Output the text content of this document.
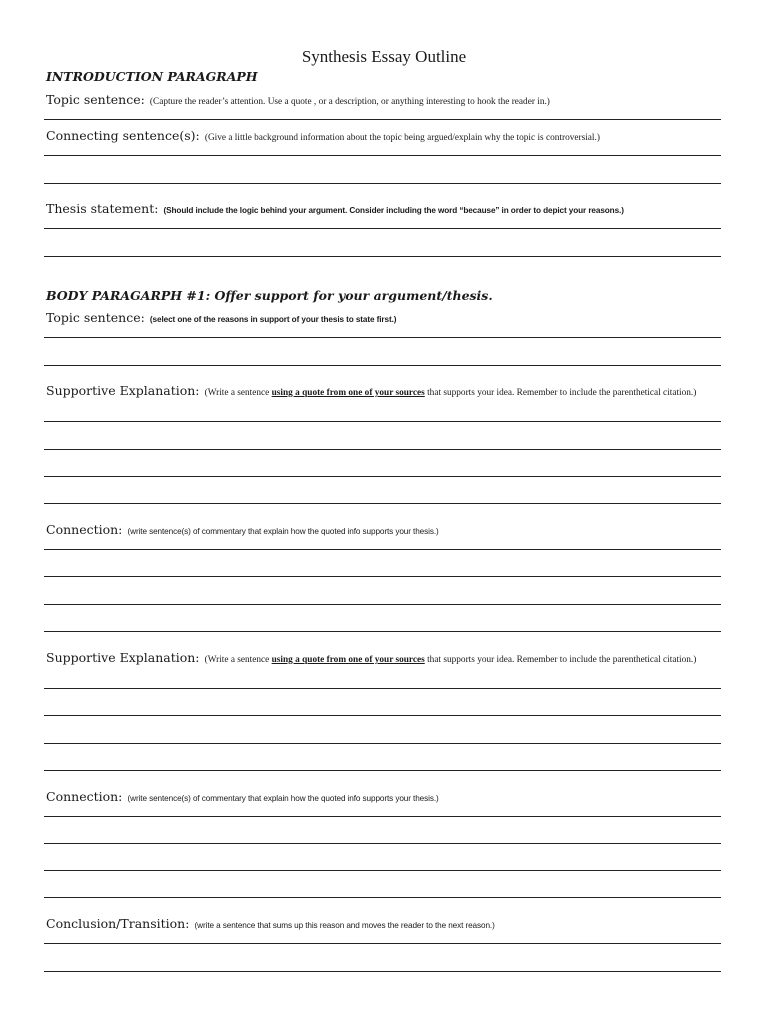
Synthesis Essay Outline
INTRODUCTION PARAGRAPH
Topic sentence: (Capture the reader’s attention. Use a quote , or a description, or anything interesting to hook the reader in.)
Connecting sentence(s): (Give a little background information about the topic being argued/explain why the topic is controversial.)
Thesis statement: (Should include the logic behind your argument. Consider including the word “because” in order to depict your reasons.)
BODY PARAGARPH #1: Offer support for your argument/thesis.
Topic sentence: (select one of the reasons in support of your thesis to state first.)
Supportive Explanation: (Write a sentence using a quote from one of your sources that supports your idea. Remember to include the parenthetical citation.)
Connection: (write sentence(s) of commentary that explain how the quoted info supports your thesis.)
Supportive Explanation: (Write a sentence using a quote from one of your sources that supports your idea. Remember to include the parenthetical citation.)
Connection: (write sentence(s) of commentary that explain how the quoted info supports your thesis.)
Conclusion/Transition: (write a sentence that sums up this reason and moves the reader to the next reason.)
